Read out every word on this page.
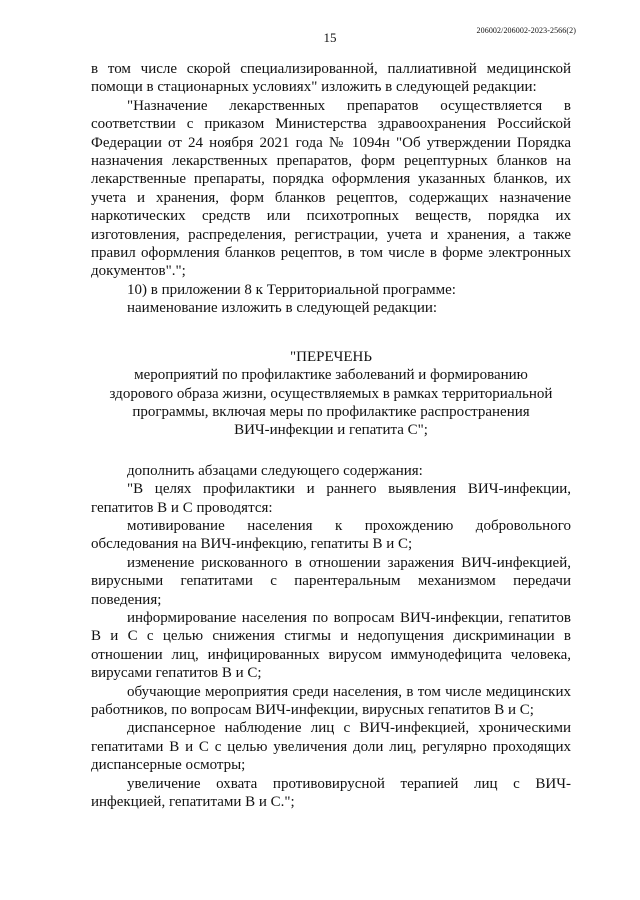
15	206002/206002-2023-2566(2)

в том числе скорой специализированной, паллиативной медицинской помощи в стационарных условиях" изложить в следующей редакции:

"Назначение лекарственных препаратов осуществляется в соответствии с приказом Министерства здравоохранения Российской Федерации от 24 ноября 2021 года № 1094н "Об утверждении Порядка назначения лекарственных препаратов, форм рецептурных бланков на лекарственные препараты, порядка оформления указанных бланков, их учета и хранения, форм бланков рецептов, содержащих назначение наркотических средств или психотропных веществ, порядка их изготовления, распределения, регистрации, учета и хранения, а также правил оформления бланков рецептов, в том числе в форме электронных документов".";

10) в приложении 8 к Территориальной программе:

наименование изложить в следующей редакции:

"ПЕРЕЧЕНЬ

мероприятий по профилактике заболеваний и формированию
здорового образа жизни, осуществляемых в рамках территориальной
программы, включая меры по профилактике распространения
ВИЧ-инфекции и гепатита С";

дополнить абзацами следующего содержания:

"В целях профилактики и раннего выявления ВИЧ-инфекции, гепатитов В и С проводятся:

мотивирование населения к прохождению добровольного обследования на ВИЧ-инфекцию, гепатиты В и С;

изменение рискованного в отношении заражения ВИЧ-инфекцией, вирусными гепатитами с парентеральным механизмом передачи поведения;

информирование населения по вопросам ВИЧ-инфекции, гепатитов В и С с целью снижения стигмы и недопущения дискриминации в отношении лиц, инфицированных вирусом иммунодефицита человека, вирусами гепатитов В и С;

обучающие мероприятия среди населения, в том числе медицинских работников, по вопросам ВИЧ-инфекции, вирусных гепатитов В и С;

диспансерное наблюдение лиц с ВИЧ-инфекцией, хроническими гепатитами В и С с целью увеличения доли лиц, регулярно проходящих диспансерные осмотры;

увеличение охвата противовирусной терапией лиц с ВИЧ-инфекцией, гепатитами В и С.";
